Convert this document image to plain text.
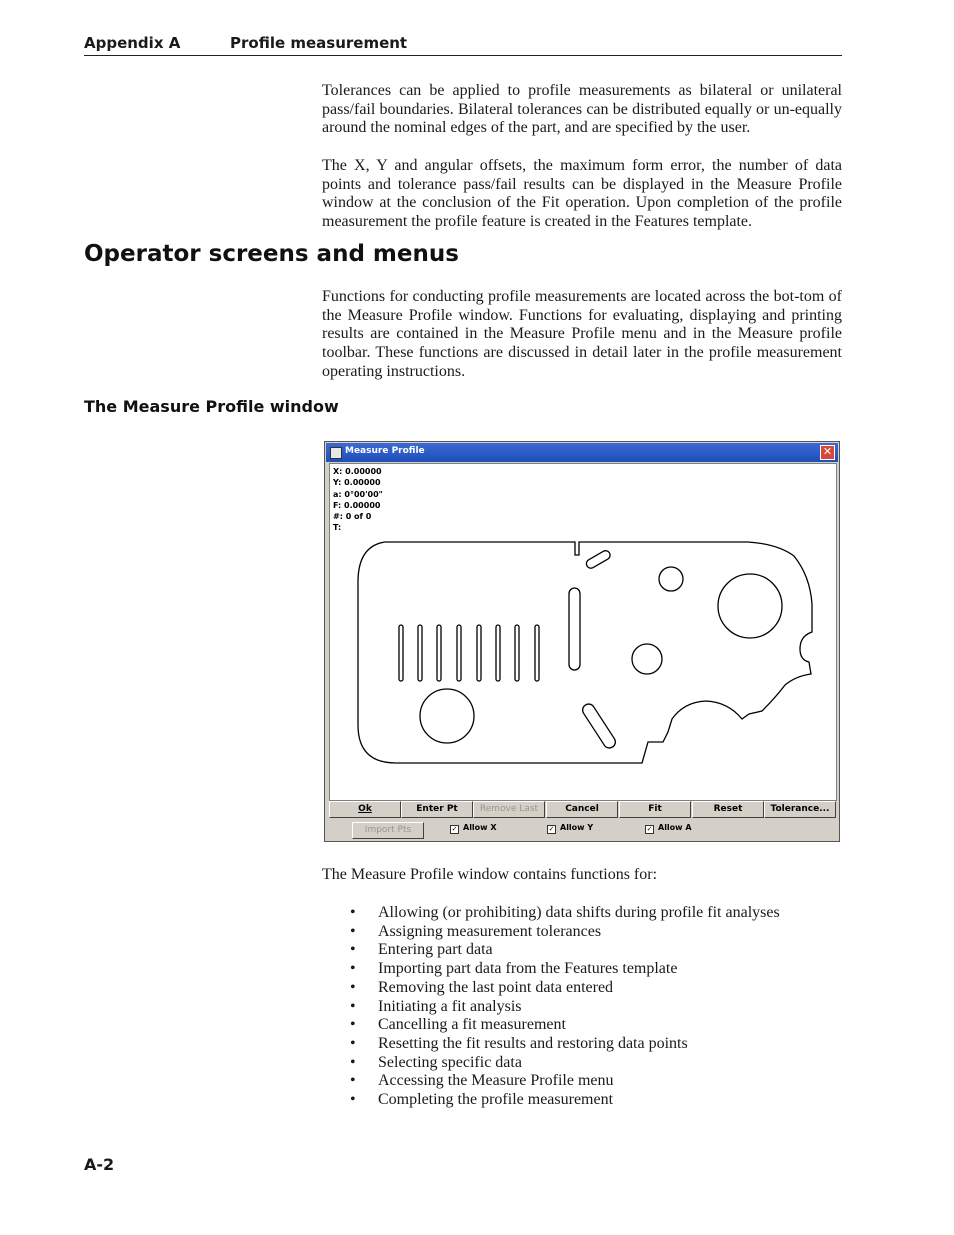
Appendix A	Profile measurement

Tolerances can be applied to profile measurements as bilateral or unilateral pass/fail boundaries. Bilateral tolerances can be distributed equally or un-equally around the nominal edges of the part, and are specified by the user.

The X, Y and angular offsets, the maximum form error, the number of data points and tolerance pass/fail results can be displayed in the Measure Profile window at the conclusion of the Fit operation. Upon completion of the profile measurement the profile feature is created in the Features template.

Operator screens and menus

Functions for conducting profile measurements are located across the bot-tom of the Measure Profile window. Functions for evaluating, displaying and printing results are contained in the Measure Profile menu and in the Measure profile toolbar. These functions are discussed in detail later in the profile measurement operating instructions.

The Measure Profile window
Measure Profile	✕
X: 0.00000
Y: 0.00000
a: 0°00'00"
F: 0.00000
#: 0 of 0
T:
Ok	Enter Pt	Remove Last	Cancel	Fit	Reset	Tolerance...
Import Pts	✓ Allow X	✓ Allow Y	✓ Allow A

The Measure Profile window contains functions for:

• Allowing (or prohibiting) data shifts during profile fit analyses
• Assigning measurement tolerances
• Entering part data
• Importing part data from the Features template
• Removing the last point data entered
• Initiating a fit analysis
• Cancelling a fit measurement
• Resetting the fit results and restoring data points
• Selecting specific data
• Accessing the Measure Profile menu
• Completing the profile measurement
A-2
